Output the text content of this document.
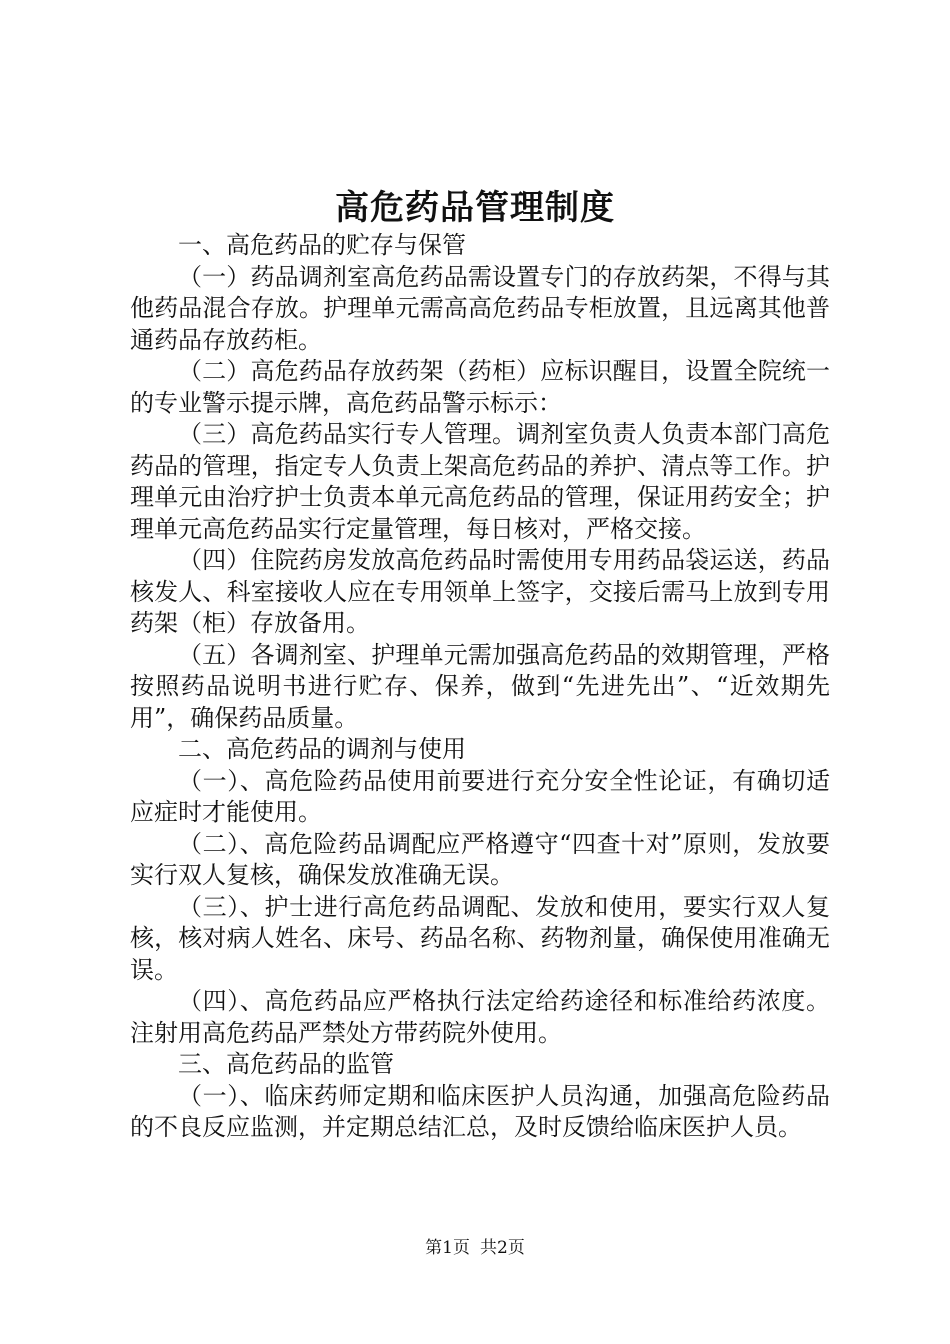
高危药品管理制度

一、高危药品的贮存与保管

（一）药品调剂室高危药品需设置专门的存放药架，不得与其他药品混合存放。护理单元需高高危药品专柜放置，且远离其他普通药品存放药柜。

（二）高危药品存放药架（药柜）应标识醒目，设置全院统一的专业警示提示牌，高危药品警示标示：

（三）高危药品实行专人管理。调剂室负责人负责本部门高危药品的管理，指定专人负责上架高危药品的养护、清点等工作。护理单元由治疗护士负责本单元高危药品的管理，保证用药安全；护理单元高危药品实行定量管理，每日核对，严格交接。

（四）住院药房发放高危药品时需使用专用药品袋运送，药品核发人、科室接收人应在专用领单上签字，交接后需马上放到专用药架（柜）存放备用。

（五）各调剂室、护理单元需加强高危药品的效期管理，严格按照药品说明书进行贮存、保养，做到“先进先出”、“近效期先用”，确保药品质量。

二、高危药品的调剂与使用

（一）、高危险药品使用前要进行充分安全性论证，有确切适应症时才能使用。

（二）、高危险药品调配应严格遵守“四查十对”原则，发放要实行双人复核，确保发放准确无误。

（三）、护士进行高危药品调配、发放和使用，要实行双人复核，核对病人姓名、床号、药品名称、药物剂量，确保使用准确无误。

（四）、高危药品应严格执行法定给药途径和标准给药浓度。注射用高危药品严禁处方带药院外使用。

三、高危药品的监管

（一）、临床药师定期和临床医护人员沟通，加强高危险药品的不良反应监测，并定期总结汇总，及时反馈给临床医护人员。

第1页 共2页
